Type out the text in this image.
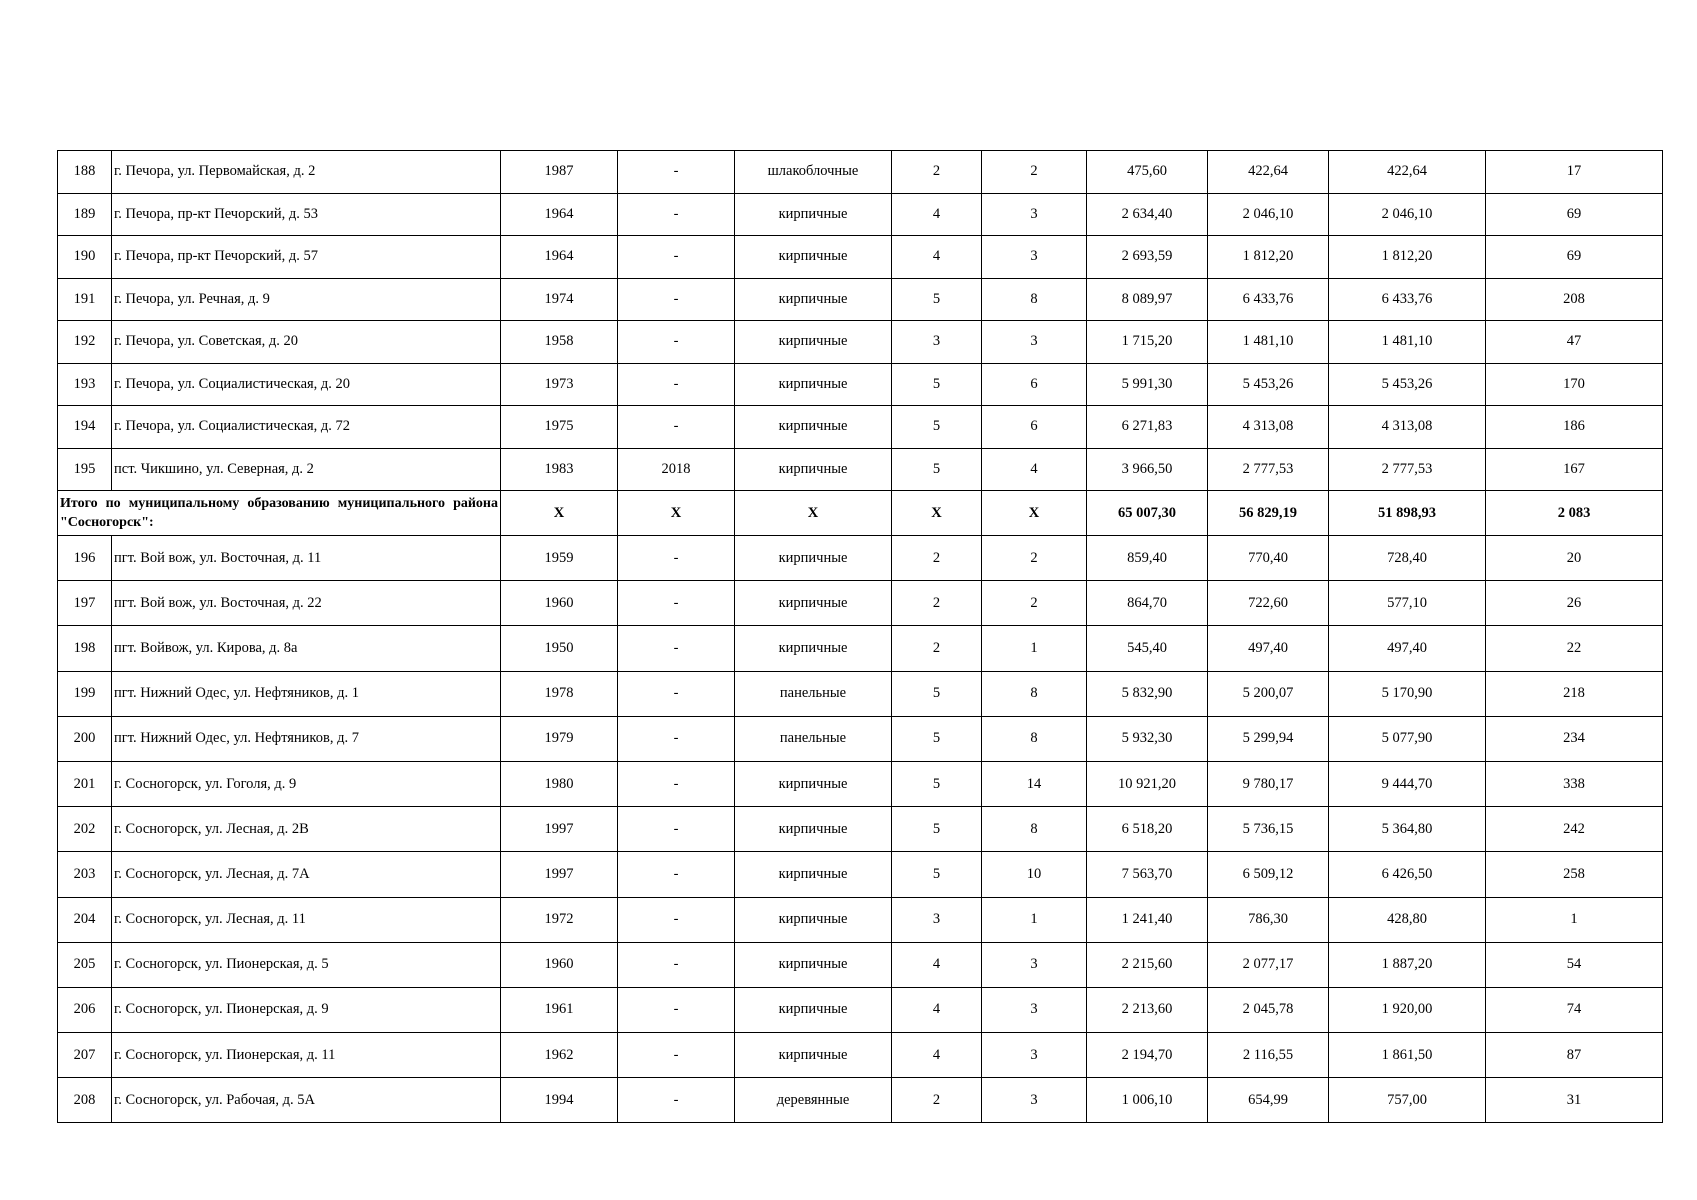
188	г. Печора, ул. Первомайская, д. 2	1987	-	шлакоблочные	2	2	475,60	422,64	422,64	17
189	г. Печора, пр-кт Печорский, д. 53	1964	-	кирпичные	4	3	2 634,40	2 046,10	2 046,10	69
190	г. Печора, пр-кт Печорский, д. 57	1964	-	кирпичные	4	3	2 693,59	1 812,20	1 812,20	69
191	г. Печора, ул. Речная, д. 9	1974	-	кирпичные	5	8	8 089,97	6 433,76	6 433,76	208
192	г. Печора, ул. Советская, д. 20	1958	-	кирпичные	3	3	1 715,20	1 481,10	1 481,10	47
193	г. Печора, ул. Социалистическая, д. 20	1973	-	кирпичные	5	6	5 991,30	5 453,26	5 453,26	170
194	г. Печора, ул. Социалистическая, д. 72	1975	-	кирпичные	5	6	6 271,83	4 313,08	4 313,08	186
195	пст. Чикшино, ул. Северная, д. 2	1983	2018	кирпичные	5	4	3 966,50	2 777,53	2 777,53	167
Итого по муниципальному образованию муниципального района "Сосногорск":		X	X	X	X	X	65 007,30	56 829,19	51 898,93	2 083
196	пгт. Вой вож, ул. Восточная, д. 11	1959	-	кирпичные	2	2	859,40	770,40	728,40	20
197	пгт. Вой вож, ул. Восточная, д. 22	1960	-	кирпичные	2	2	864,70	722,60	577,10	26
198	пгт. Войвож, ул. Кирова, д. 8а	1950	-	кирпичные	2	1	545,40	497,40	497,40	22
199	пгт. Нижний Одес, ул. Нефтяников, д. 1	1978	-	панельные	5	8	5 832,90	5 200,07	5 170,90	218
200	пгт. Нижний Одес, ул. Нефтяников, д. 7	1979	-	панельные	5	8	5 932,30	5 299,94	5 077,90	234
201	г. Сосногорск, ул. Гоголя, д. 9	1980	-	кирпичные	5	14	10 921,20	9 780,17	9 444,70	338
202	г. Сосногорск, ул. Лесная, д. 2В	1997	-	кирпичные	5	8	6 518,20	5 736,15	5 364,80	242
203	г. Сосногорск, ул. Лесная, д. 7А	1997	-	кирпичные	5	10	7 563,70	6 509,12	6 426,50	258
204	г. Сосногорск, ул. Лесная, д. 11	1972	-	кирпичные	3	1	1 241,40	786,30	428,80	1
205	г. Сосногорск, ул. Пионерская, д. 5	1960	-	кирпичные	4	3	2 215,60	2 077,17	1 887,20	54
206	г. Сосногорск, ул. Пионерская, д. 9	1961	-	кирпичные	4	3	2 213,60	2 045,78	1 920,00	74
207	г. Сосногорск, ул. Пионерская, д. 11	1962	-	кирпичные	4	3	2 194,70	2 116,55	1 861,50	87
208	г. Сосногорск, ул. Рабочая, д. 5А	1994	-	деревянные	2	3	1 006,10	654,99	757,00	31
